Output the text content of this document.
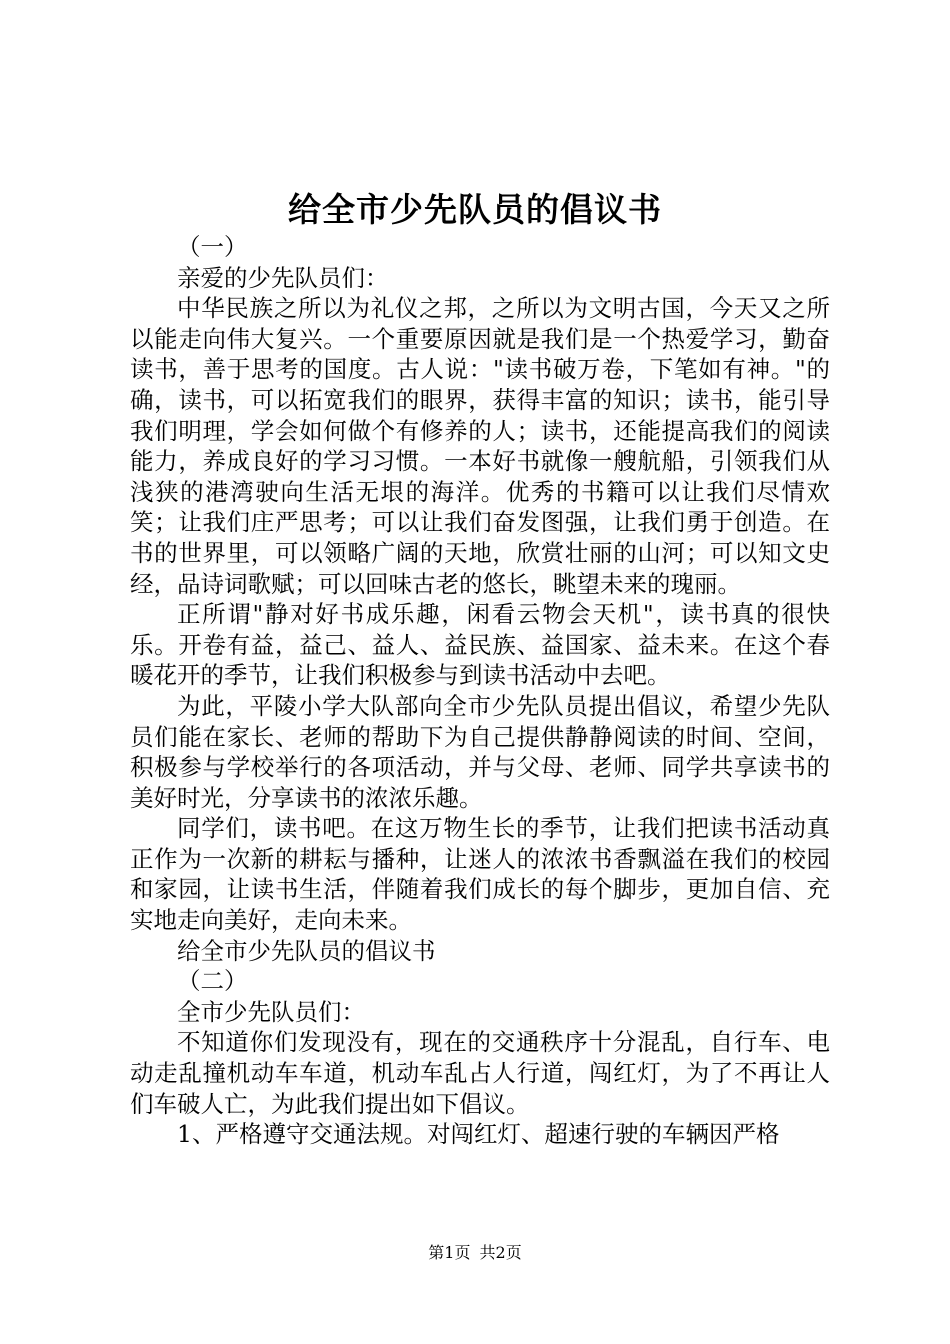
给全市少先队员的倡议书

（一）

亲爱的少先队员们：

中华民族之所以为礼仪之邦，之所以为文明古国，今天又之所以能走向伟大复兴。一个重要原因就是我们是一个热爱学习，勤奋读书，善于思考的国度。古人说："读书破万卷，下笔如有神。"的确，读书，可以拓宽我们的眼界，获得丰富的知识；读书，能引导我们明理，学会如何做个有修养的人；读书，还能提高我们的阅读能力，养成良好的学习习惯。一本好书就像一艘航船，引领我们从浅狭的港湾驶向生活无垠的海洋。优秀的书籍可以让我们尽情欢笑；让我们庄严思考；可以让我们奋发图强，让我们勇于创造。在书的世界里，可以领略广阔的天地，欣赏壮丽的山河；可以知文史经，品诗词歌赋；可以回味古老的悠长，眺望未来的瑰丽。

正所谓"静对好书成乐趣，闲看云物会天机"，读书真的很快乐。开卷有益，益己、益人、益民族、益国家、益未来。在这个春暖花开的季节，让我们积极参与到读书活动中去吧。

为此，平陵小学大队部向全市少先队员提出倡议，希望少先队员们能在家长、老师的帮助下为自己提供静静阅读的时间、空间，积极参与学校举行的各项活动，并与父母、老师、同学共享读书的美好时光，分享读书的浓浓乐趣。

同学们，读书吧。在这万物生长的季节，让我们把读书活动真正作为一次新的耕耘与播种，让迷人的浓浓书香飘溢在我们的校园和家园，让读书生活，伴随着我们成长的每个脚步，更加自信、充实地走向美好，走向未来。

给全市少先队员的倡议书

（二）

全市少先队员们：

不知道你们发现没有，现在的交通秩序十分混乱，自行车、电动走乱撞机动车车道，机动车乱占人行道，闯红灯，为了不再让人们车破人亡，为此我们提出如下倡议。

1、严格遵守交通法规。对闯红灯、超速行驶的车辆因严格

第1页 共2页
